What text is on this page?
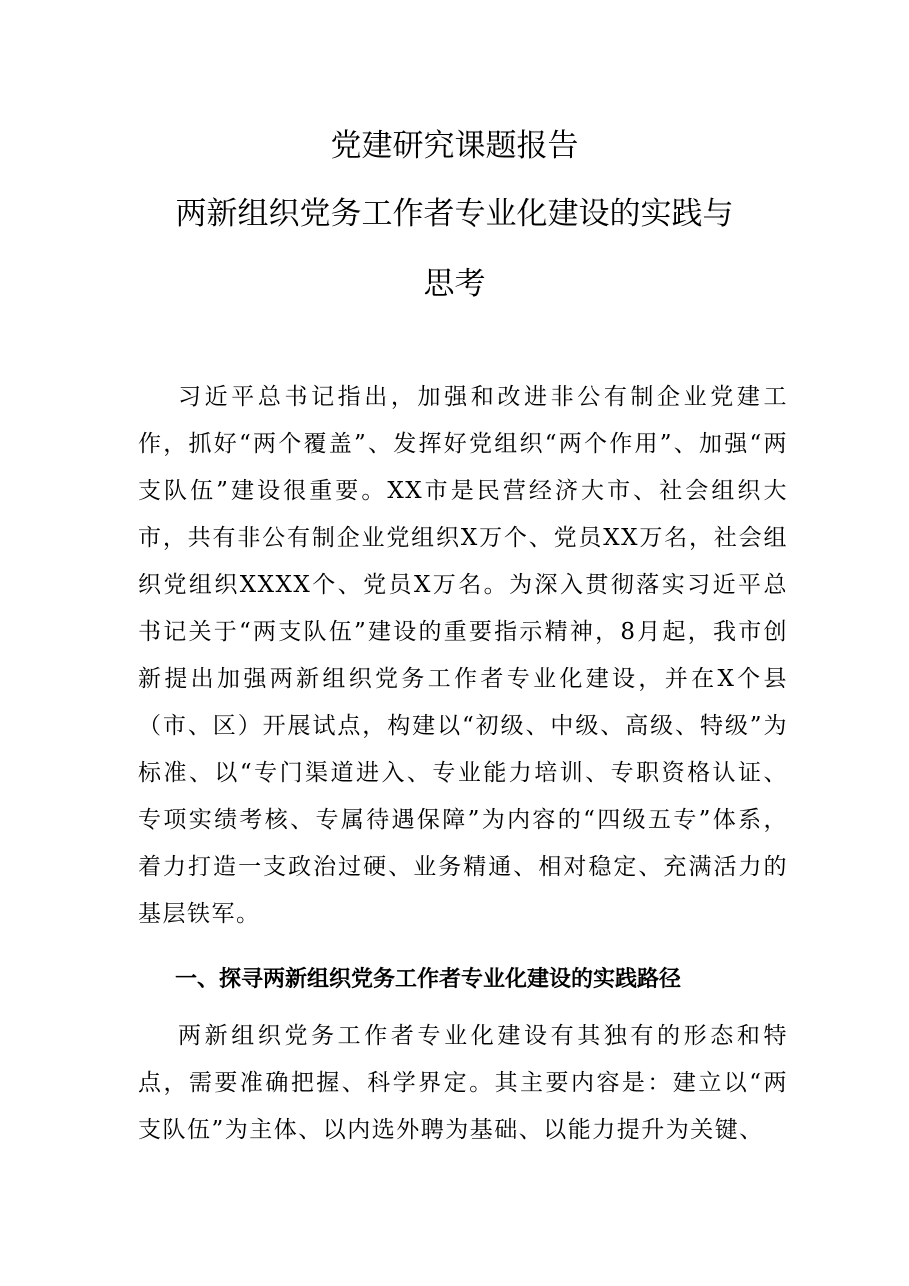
党建研究课题报告
两新组织党务工作者专业化建设的实践与
思考

习近平总书记指出，加强和改进非公有制企业党建工作，抓好“两个覆盖”、发挥好党组织“两个作用”、加强“两支队伍”建设很重要。XX市是民营经济大市、社会组织大市，共有非公有制企业党组织X万个、党员XX万名，社会组织党组织XXXX个、党员X万名。为深入贯彻落实习近平总书记关于“两支队伍”建设的重要指示精神，8月起，我市创新提出加强两新组织党务工作者专业化建设，并在X个县（市、区）开展试点，构建以“初级、中级、高级、特级”为标准、以“专门渠道进入、专业能力培训、专职资格认证、专项实绩考核、专属待遇保障”为内容的“四级五专”体系，着力打造一支政治过硬、业务精通、相对稳定、充满活力的基层铁军。

一、探寻两新组织党务工作者专业化建设的实践路径

两新组织党务工作者专业化建设有其独有的形态和特点，需要准确把握、科学界定。其主要内容是：建立以“两支队伍”为主体、以内选外聘为基础、以能力提升为关键、
